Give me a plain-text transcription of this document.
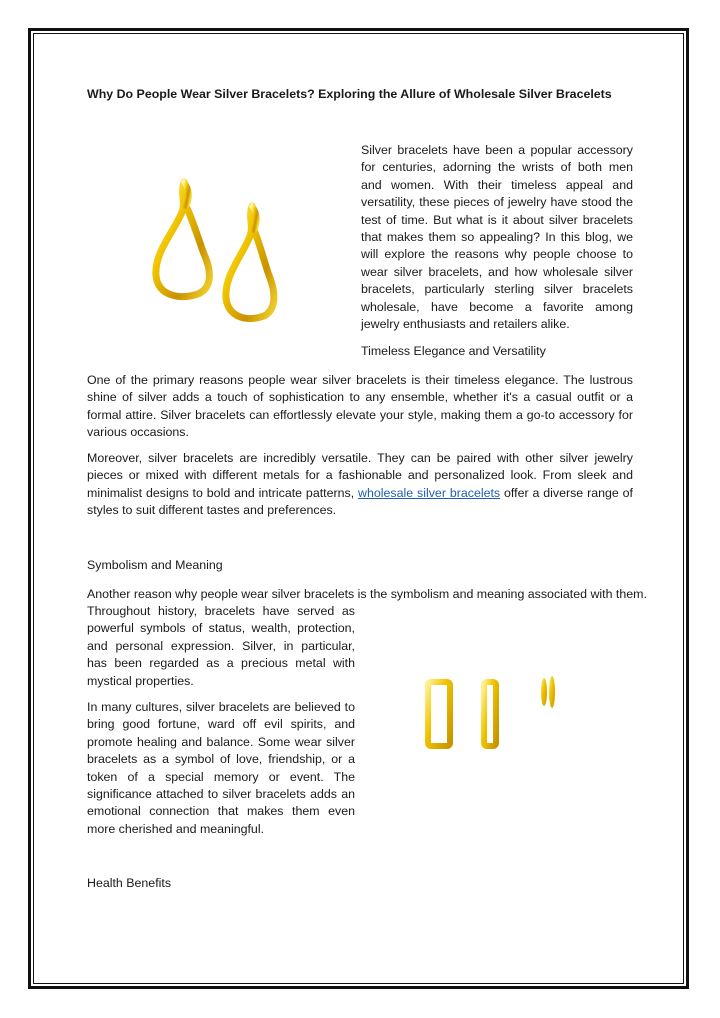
Why Do People Wear Silver Bracelets? Exploring the Allure of Wholesale Silver Bracelets

Silver bracelets have been a popular accessory for centuries, adorning the wrists of both men and women. With their timeless appeal and versatility, these pieces of jewelry have stood the test of time. But what is it about silver bracelets that makes them so appealing? In this blog, we will explore the reasons why people choose to wear silver bracelets, and how wholesale silver bracelets, particularly sterling silver bracelets wholesale, have become a favorite among jewelry enthusiasts and retailers alike.

Timeless Elegance and Versatility

One of the primary reasons people wear silver bracelets is their timeless elegance. The lustrous shine of silver adds a touch of sophistication to any ensemble, whether it's a casual outfit or a formal attire. Silver bracelets can effortlessly elevate your style, making them a go-to accessory for various occasions.

Moreover, silver bracelets are incredibly versatile. They can be paired with other silver jewelry pieces or mixed with different metals for a fashionable and personalized look. From sleek and minimalist designs to bold and intricate patterns, wholesale silver bracelets offer a diverse range of styles to suit different tastes and preferences.

Symbolism and Meaning

Another reason why people wear silver bracelets is the symbolism and meaning associated with them.

Throughout history, bracelets have served as powerful symbols of status, wealth, protection, and personal expression. Silver, in particular, has been regarded as a precious metal with mystical properties.

In many cultures, silver bracelets are believed to bring good fortune, ward off evil spirits, and promote healing and balance. Some wear silver bracelets as a symbol of love, friendship, or a token of a special memory or event. The significance attached to silver bracelets adds an emotional connection that makes them even more cherished and meaningful.

Health Benefits
